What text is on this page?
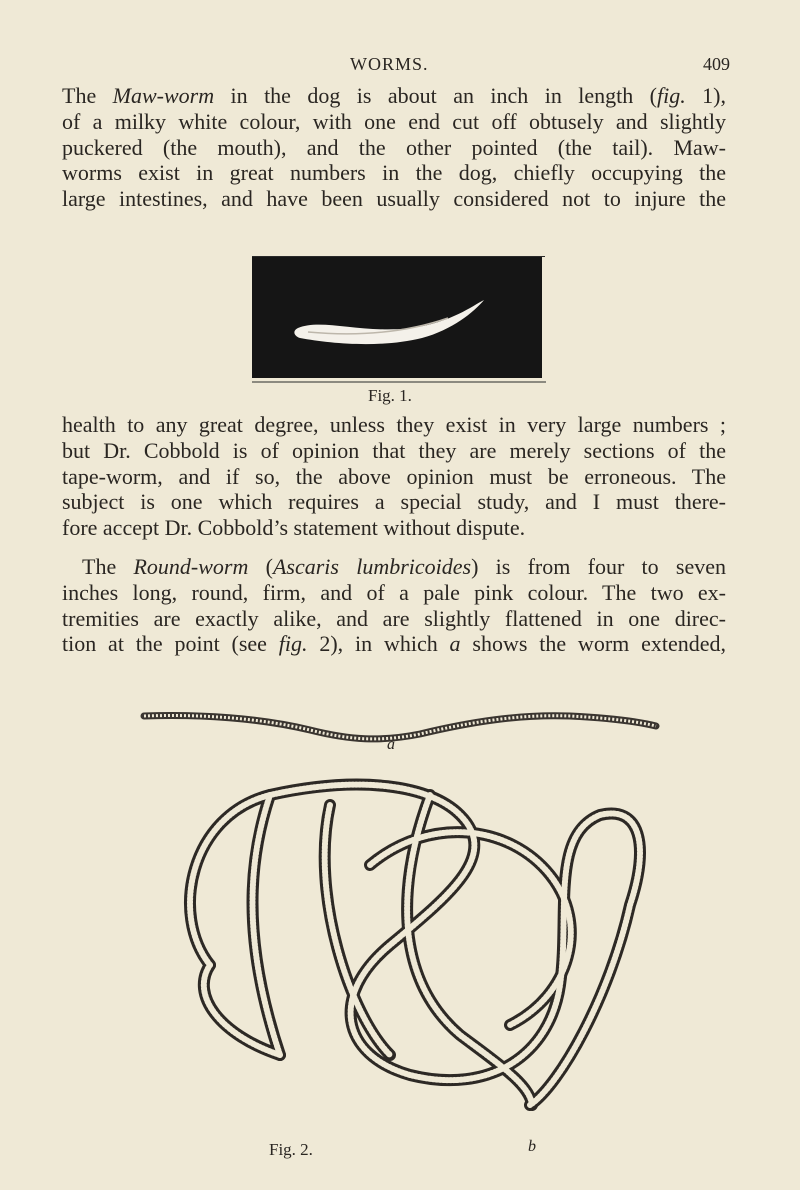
WORMS.	409
The Maw-worm in the dog is about an inch in length (fig. 1),
of a milky white colour, with one end cut off obtusely and slightly
puckered (the mouth), and the other pointed (the tail). Maw-
worms exist in great numbers in the dog, chiefly occupying the
large intestines, and have been usually considered not to injure the
Fig. 1.
health to any great degree, unless they exist in very large numbers ;
but Dr. Cobbold is of opinion that they are merely sections of the
tape-worm, and if so, the above opinion must be erroneous. The
subject is one which requires a special study, and I must there-
fore accept Dr. Cobbold’s statement without dispute.
The Round-worm (Ascaris lumbricoides) is from four to seven
inches long, round, firm, and of a pale pink colour. The two ex-
tremities are exactly alike, and are slightly flattened in one direc-
tion at the point (see fig. 2), in which a shows the worm extended,
a
Fig. 2.	b
